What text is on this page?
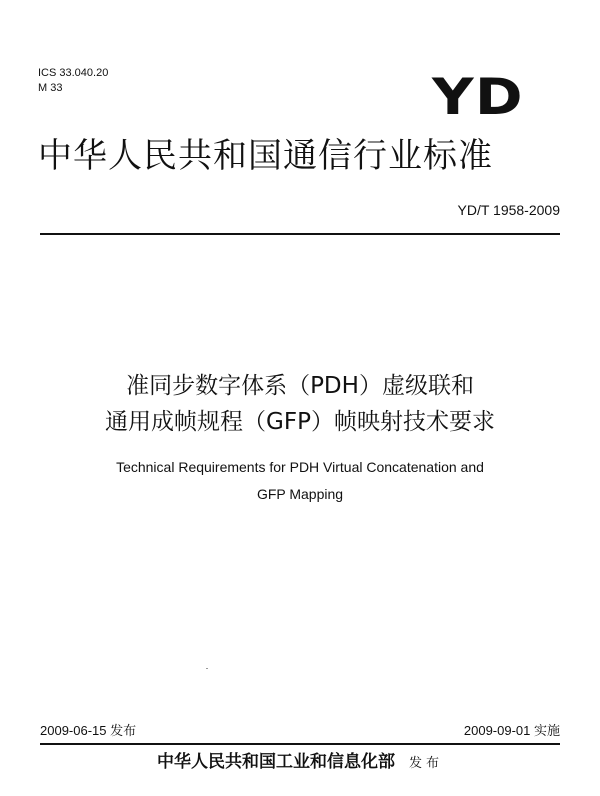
ICS 33.040.20
M 33	YD
中华人民共和国通信行业标准
YD/T 1958-2009
准同步数字体系（PDH）虚级联和
通用成帧规程（GFP）帧映射技术要求
Technical Requirements for PDH Virtual Concatenation and
GFP Mapping
2009-06-15 发布	2009-09-01 实施
中华人民共和国工业和信息化部 发布
